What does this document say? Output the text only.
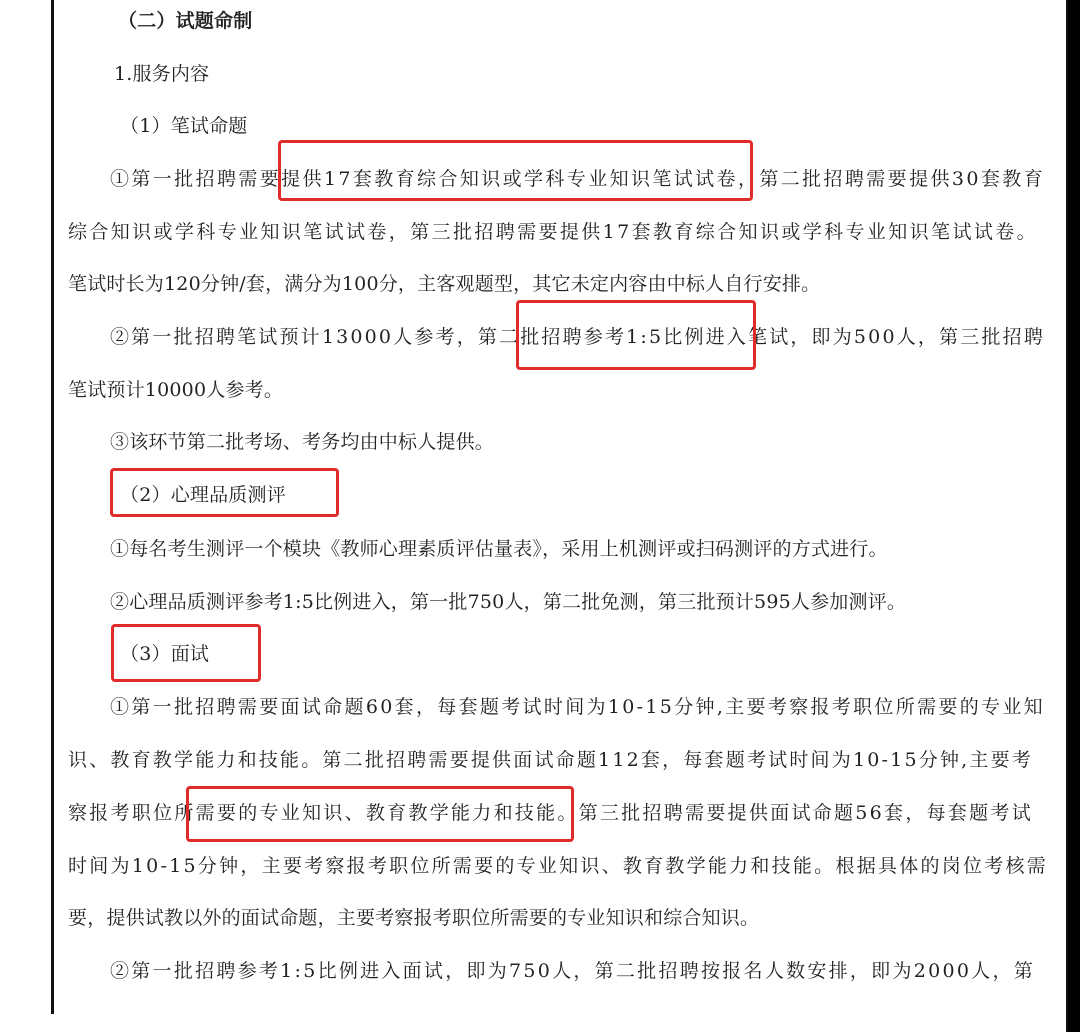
（二）试题命制
1.服务内容
（1）笔试命题
①第一批招聘需要提供17套教育综合知识或学科专业知识笔试试卷，第二批招聘需要提供30套教育
综合知识或学科专业知识笔试试卷，第三批招聘需要提供17套教育综合知识或学科专业知识笔试试卷。
笔试时长为120分钟/套，满分为100分，主客观题型，其它未定内容由中标人自行安排。
②第一批招聘笔试预计13000人参考，第二批招聘参考1:5比例进入笔试，即为500人，第三批招聘
笔试预计10000人参考。
③该环节第二批考场、考务均由中标人提供。
（2）心理品质测评
①每名考生测评一个模块《教师心理素质评估量表》，采用上机测评或扫码测评的方式进行。
②心理品质测评参考1:5比例进入，第一批750人，第二批免测，第三批预计595人参加测评。
（3）面试
①第一批招聘需要面试命题60套，每套题考试时间为10-15分钟,主要考察报考职位所需要的专业知
识、教育教学能力和技能。第二批招聘需要提供面试命题112套，每套题考试时间为10-15分钟,主要考
察报考职位所需要的专业知识、教育教学能力和技能。第三批招聘需要提供面试命题56套，每套题考试
时间为10-15分钟，主要考察报考职位所需要的专业知识、教育教学能力和技能。根据具体的岗位考核需
要，提供试教以外的面试命题，主要考察报考职位所需要的专业知识和综合知识。
②第一批招聘参考1:5比例进入面试，即为750人，第二批招聘按报名人数安排，即为2000人，第
